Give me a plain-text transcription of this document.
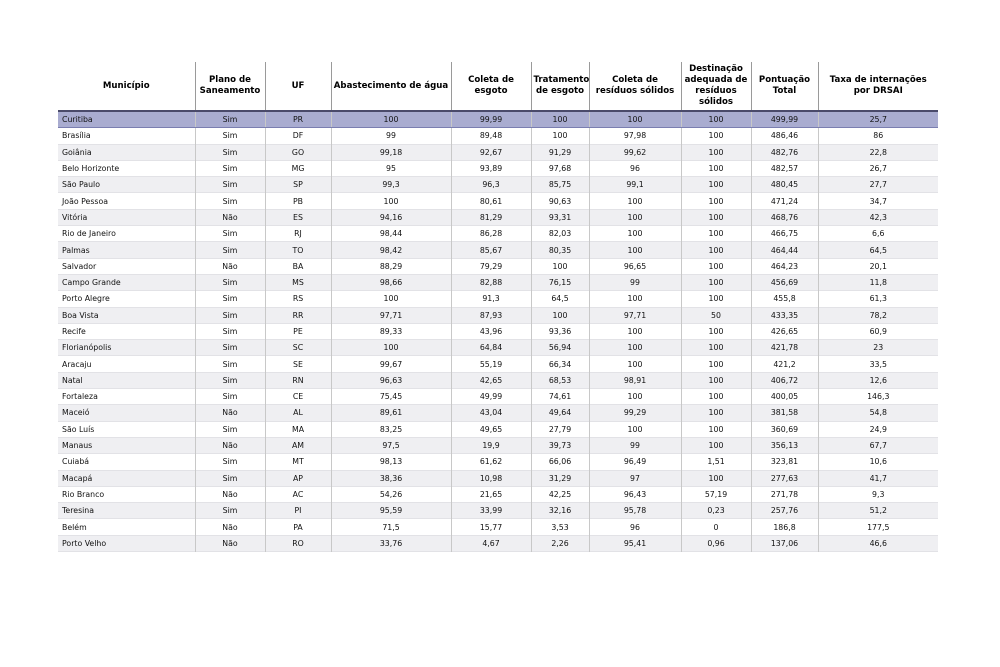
Município	Plano de Saneamento	UF	Abastecimento de água	Coleta de esgoto	Tratamento de esgoto	Coleta de resíduos sólidos	Destinação adequada de resíduos sólidos	Pontuação Total	Taxa de internações por DRSAI
Curitiba	Sim	PR	100	99,99	100	100	100	499,99	25,7
Brasília	Sim	DF	99	89,48	100	97,98	100	486,46	86
Goiânia	Sim	GO	99,18	92,67	91,29	99,62	100	482,76	22,8
Belo Horizonte	Sim	MG	95	93,89	97,68	96	100	482,57	26,7
São Paulo	Sim	SP	99,3	96,3	85,75	99,1	100	480,45	27,7
João Pessoa	Sim	PB	100	80,61	90,63	100	100	471,24	34,7
Vitória	Não	ES	94,16	81,29	93,31	100	100	468,76	42,3
Rio de Janeiro	Sim	RJ	98,44	86,28	82,03	100	100	466,75	6,6
Palmas	Sim	TO	98,42	85,67	80,35	100	100	464,44	64,5
Salvador	Não	BA	88,29	79,29	100	96,65	100	464,23	20,1
Campo Grande	Sim	MS	98,66	82,88	76,15	99	100	456,69	11,8
Porto Alegre	Sim	RS	100	91,3	64,5	100	100	455,8	61,3
Boa Vista	Sim	RR	97,71	87,93	100	97,71	50	433,35	78,2
Recife	Sim	PE	89,33	43,96	93,36	100	100	426,65	60,9
Florianópolis	Sim	SC	100	64,84	56,94	100	100	421,78	23
Aracaju	Sim	SE	99,67	55,19	66,34	100	100	421,2	33,5
Natal	Sim	RN	96,63	42,65	68,53	98,91	100	406,72	12,6
Fortaleza	Sim	CE	75,45	49,99	74,61	100	100	400,05	146,3
Maceió	Não	AL	89,61	43,04	49,64	99,29	100	381,58	54,8
São Luís	Sim	MA	83,25	49,65	27,79	100	100	360,69	24,9
Manaus	Não	AM	97,5	19,9	39,73	99	100	356,13	67,7
Cuiabá	Sim	MT	98,13	61,62	66,06	96,49	1,51	323,81	10,6
Macapá	Sim	AP	38,36	10,98	31,29	97	100	277,63	41,7
Rio Branco	Não	AC	54,26	21,65	42,25	96,43	57,19	271,78	9,3
Teresina	Sim	PI	95,59	33,99	32,16	95,78	0,23	257,76	51,2
Belém	Não	PA	71,5	15,77	3,53	96	0	186,8	177,5
Porto Velho	Não	RO	33,76	4,67	2,26	95,41	0,96	137,06	46,6
